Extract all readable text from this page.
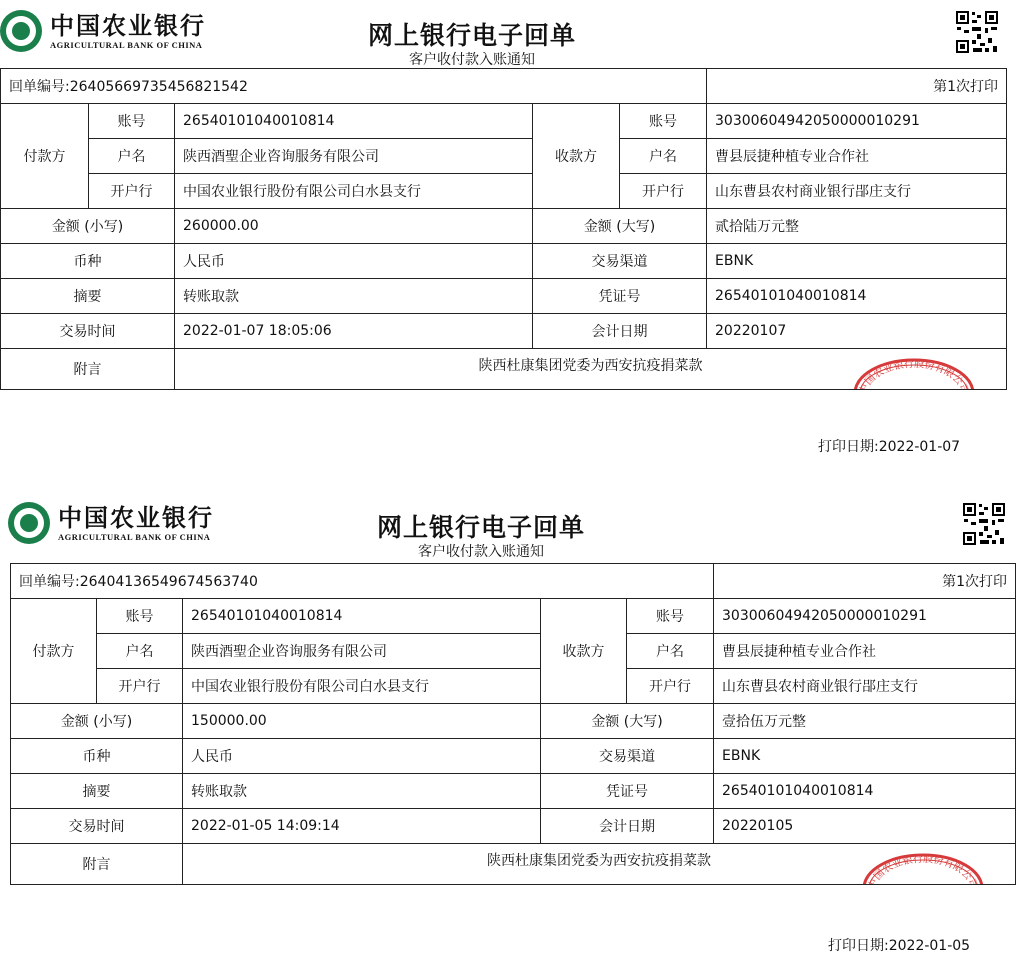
中国农业银行
AGRICULTURAL BANK OF CHINA	网上银行电子回单
客户收付款入账通知
回单编号:26405669735456821542					第1次打印
付款方	账号	26540101040010814	收款方	账号	30300604942050000010291
	户名	陕西酒聖企业咨询服务有限公司		户名	曹县辰捷种植专业合作社
	开户行	中国农业银行股份有限公司白水县支行		开户行	山东曹县农村商业银行郘庄支行
金额 (小写)		260000.00	金额 (大写)		贰拾陆万元整
币种		人民币	交易渠道		EBNK
摘要		转账取款	凭证号		26540101040010814
交易时间		2022-01-07 18:05:06	会计日期		20220107
附言		陕西杜康集团党委为西安抗疫捐菜款
中国农业银行股份有限公司
回单专用章			
打印日期:2022-01-07
中国农业银行
AGRICULTURAL BANK OF CHINA	网上银行电子回单
客户收付款入账通知
回单编号:26404136549674563740					第1次打印
付款方	账号	26540101040010814	收款方	账号	30300604942050000010291
	户名	陕西酒聖企业咨询服务有限公司		户名	曹县辰捷种植专业合作社
	开户行	中国农业银行股份有限公司白水县支行		开户行	山东曹县农村商业银行郘庄支行
金额 (小写)		150000.00	金额 (大写)		壹拾伍万元整
币种		人民币	交易渠道		EBNK
摘要		转账取款	凭证号		26540101040010814
交易时间		2022-01-05 14:09:14	会计日期		20220105
附言		陕西杜康集团党委为西安抗疫捐菜款
中国农业银行股份有限公司
回单专用章			
打印日期:2022-01-05
